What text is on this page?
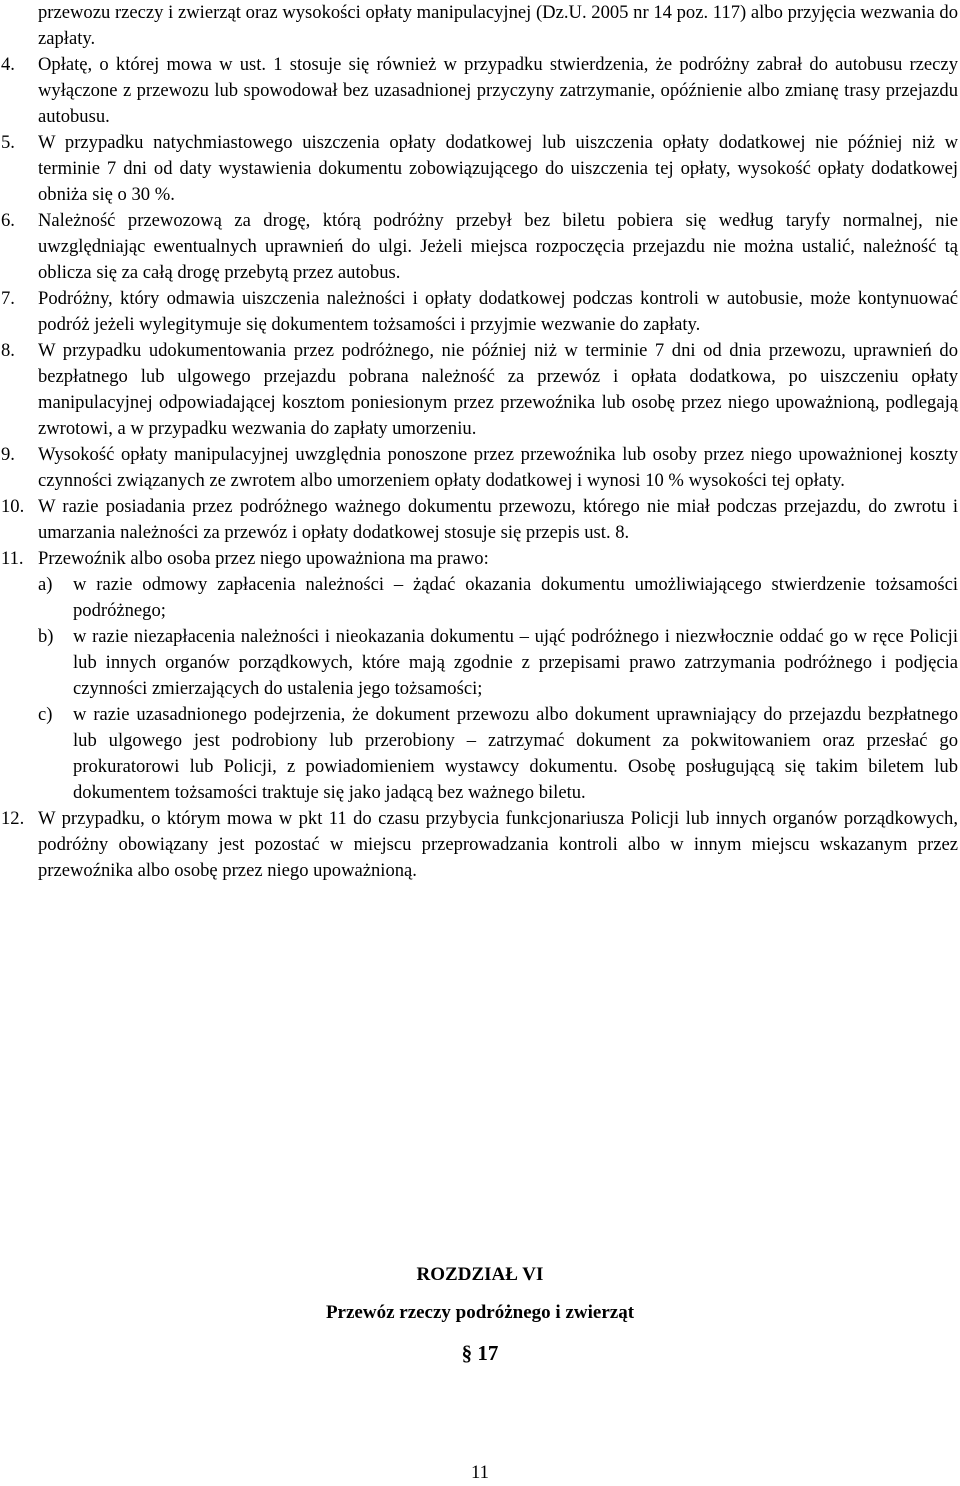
przewozu rzeczy i zwierząt oraz wysokości opłaty manipulacyjnej (Dz.U. 2005 nr 14 poz. 117) albo przyjęcia wezwania do zapłaty.
4. Opłatę, o której mowa w ust. 1 stosuje się również w przypadku stwierdzenia, że podróżny zabrał do autobusu rzeczy wyłączone z przewozu lub spowodował bez uzasadnionej przyczyny zatrzymanie, opóźnienie albo zmianę trasy przejazdu autobusu.
5. W przypadku natychmiastowego uiszczenia opłaty dodatkowej lub uiszczenia opłaty dodatkowej nie później niż w terminie 7 dni od daty wystawienia dokumentu zobowiązującego do uiszczenia tej opłaty, wysokość opłaty dodatkowej obniża się o 30 %.
6. Należność przewozową za drogę, którą podróżny przebył bez biletu pobiera się według taryfy normalnej, nie uwzględniając ewentualnych uprawnień do ulgi. Jeżeli miejsca rozpoczęcia przejazdu nie można ustalić, należność tą oblicza się za całą drogę przebytą przez autobus.
7. Podróżny, który odmawia uiszczenia należności i opłaty dodatkowej podczas kontroli w autobusie, może kontynuować podróż jeżeli wylegitymuje się dokumentem tożsamości i przyjmie wezwanie do zapłaty.
8. W przypadku udokumentowania przez podróżnego, nie później niż w terminie 7 dni od dnia przewozu, uprawnień do bezpłatnego lub ulgowego przejazdu pobrana należność za przewóz i opłata dodatkowa, po uiszczeniu opłaty manipulacyjnej odpowiadającej kosztom poniesionym przez przewoźnika lub osobę przez niego upoważnioną, podlegają zwrotowi, a w przypadku wezwania do zapłaty umorzeniu.
9. Wysokość opłaty manipulacyjnej uwzględnia ponoszone przez przewoźnika lub osoby przez niego upoważnionej koszty czynności związanych ze zwrotem albo umorzeniem opłaty dodatkowej i wynosi 10 % wysokości tej opłaty.
10. W razie posiadania przez podróżnego ważnego dokumentu przewozu, którego nie miał podczas przejazdu, do zwrotu i umarzania należności za przewóz i opłaty dodatkowej stosuje się przepis ust. 8.
11. Przewoźnik albo osoba przez niego upoważniona ma prawo:
a) w razie odmowy zapłacenia należności – żądać okazania dokumentu umożliwiającego stwierdzenie tożsamości podróżnego;
b) w razie niezapłacenia należności i nieokazania dokumentu – ująć podróżnego i niezwłocznie oddać go w ręce Policji lub innych organów porządkowych, które mają zgodnie z przepisami prawo zatrzymania podróżnego i podjęcia czynności zmierzających do ustalenia jego tożsamości;
c) w razie uzasadnionego podejrzenia, że dokument przewozu albo dokument uprawniający do przejazdu bezpłatnego lub ulgowego jest podrobiony lub przerobiony – zatrzymać dokument za pokwitowaniem oraz przesłać go prokuratorowi lub Policji, z powiadomieniem wystawcy dokumentu. Osobę posługującą się takim biletem lub dokumentem tożsamości traktuje się jako jadącą bez ważnego biletu.
12. W przypadku, o którym mowa w pkt 11 do czasu przybycia funkcjonariusza Policji lub innych organów porządkowych, podróżny obowiązany jest pozostać w miejscu przeprowadzania kontroli albo w innym miejscu wskazanym przez przewoźnika albo osobę przez niego upoważnioną.
ROZDZIAŁ VI
Przewóz rzeczy podróżnego i zwierząt
§ 17
11
